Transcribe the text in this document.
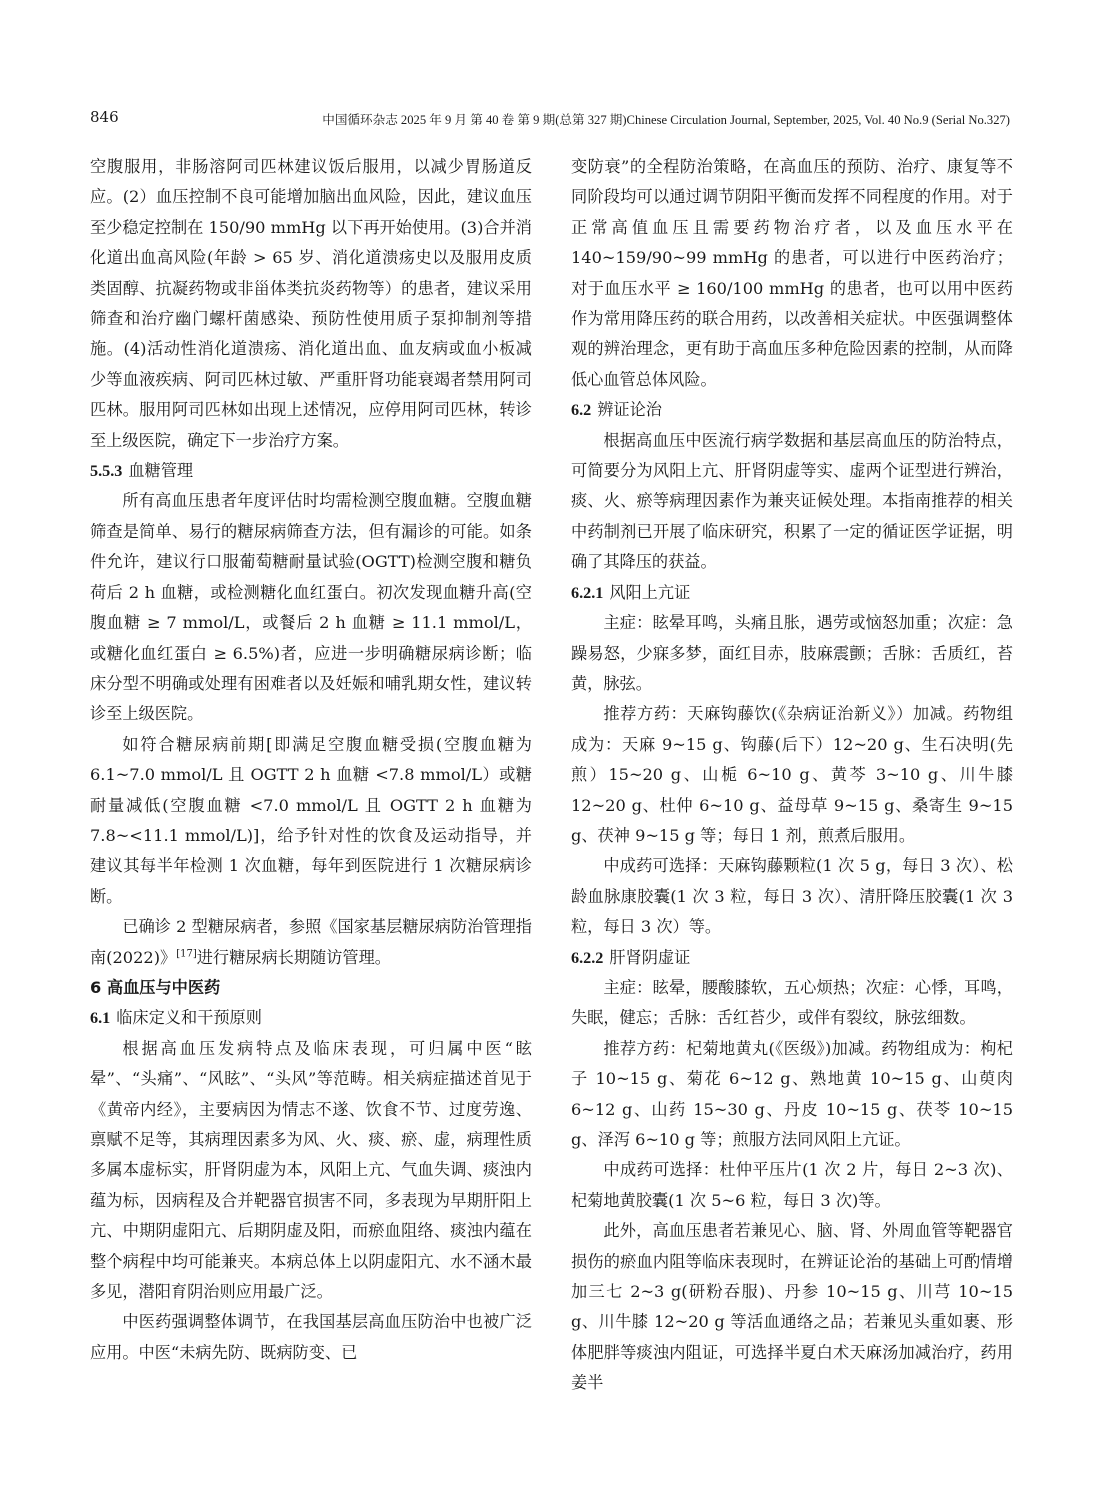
846	中国循环杂志 2025 年 9 月 第 40 卷 第 9 期(总第 327 期)Chinese Circulation Journal, September, 2025, Vol. 40 No.9 (Serial No.327)

空腹服用，非肠溶阿司匹林建议饭后服用，以减少胃肠道反应。(2）血压控制不良可能增加脑出血风险，因此，建议血压至少稳定控制在 150/90 mmHg 以下再开始使用。(3)合并消化道出血高风险(年龄 > 65 岁、消化道溃疡史以及服用皮质类固醇、抗凝药物或非甾体类抗炎药物等）的患者，建议采用筛查和治疗幽门螺杆菌感染、预防性使用质子泵抑制剂等措施。(4)活动性消化道溃疡、消化道出血、血友病或血小板减少等血液疾病、阿司匹林过敏、严重肝肾功能衰竭者禁用阿司匹林。服用阿司匹林如出现上述情况，应停用阿司匹林，转诊至上级医院，确定下一步治疗方案。

5.5.3 血糖管理

所有高血压患者年度评估时均需检测空腹血糖。空腹血糖筛查是简单、易行的糖尿病筛查方法，但有漏诊的可能。如条件允许，建议行口服葡萄糖耐量试验(OGTT)检测空腹和糖负荷后 2 h 血糖，或检测糖化血红蛋白。初次发现血糖升高(空腹血糖 ≥ 7 mmol/L，或餐后 2 h 血糖 ≥ 11.1 mmol/L，或糖化血红蛋白 ≥ 6.5%)者，应进一步明确糖尿病诊断；临床分型不明确或处理有困难者以及妊娠和哺乳期女性，建议转诊至上级医院。

如符合糖尿病前期[即满足空腹血糖受损(空腹血糖为 6.1~7.0 mmol/L 且 OGTT 2 h 血糖 <7.8 mmol/L）或糖耐量减低(空腹血糖 <7.0 mmol/L 且 OGTT 2 h 血糖为 7.8~<11.1 mmol/L)]，给予针对性的饮食及运动指导，并建议其每半年检测 1 次血糖，每年到医院进行 1 次糖尿病诊断。

已确诊 2 型糖尿病者，参照《国家基层糖尿病防治管理指南(2022)》[17]进行糖尿病长期随访管理。

6 高血压与中医药
6.1 临床定义和干预原则

根据高血压发病特点及临床表现，可归属中医“眩晕”、“头痛”、“风眩”、“头风”等范畴。相关病症描述首见于《黄帝内经》，主要病因为情志不遂、饮食不节、过度劳逸、禀赋不足等，其病理因素多为风、火、痰、瘀、虚，病理性质多属本虚标实，肝肾阴虚为本，风阳上亢、气血失调、痰浊内蕴为标，因病程及合并靶器官损害不同，多表现为早期肝阳上亢、中期阴虚阳亢、后期阴虚及阳，而瘀血阻络、痰浊内蕴在整个病程中均可能兼夹。本病总体上以阴虚阳亢、水不涵木最多见，潜阳育阴治则应用最广泛。

中医药强调整体调节，在我国基层高血压防治中也被广泛应用。中医“未病先防、既病防变、已

变防衰”的全程防治策略，在高血压的预防、治疗、康复等不同阶段均可以通过调节阴阳平衡而发挥不同程度的作用。对于正常高值血压且需要药物治疗者，以及血压水平在 140~159/90~99 mmHg 的患者，可以进行中医药治疗；对于血压水平 ≥ 160/100 mmHg 的患者，也可以用中医药作为常用降压药的联合用药，以改善相关症状。中医强调整体观的辨治理念，更有助于高血压多种危险因素的控制，从而降低心血管总体风险。

6.2 辨证论治

根据高血压中医流行病学数据和基层高血压的防治特点，可简要分为风阳上亢、肝肾阴虚等实、虚两个证型进行辨治，痰、火、瘀等病理因素作为兼夹证候处理。本指南推荐的相关中药制剂已开展了临床研究，积累了一定的循证医学证据，明确了其降压的获益。

6.2.1 风阳上亢证

主症：眩晕耳鸣，头痛且胀，遇劳或恼怒加重；次症：急躁易怒，少寐多梦，面红目赤，肢麻震颤；舌脉：舌质红，苔黄，脉弦。

推荐方药：天麻钩藤饮(《杂病证治新义》）加减。药物组成为：天麻 9~15 g、钩藤(后下）12~20 g、生石决明(先煎）15~20 g、山栀 6~10 g、黄芩 3~10 g、川牛膝 12~20 g、杜仲 6~10 g、益母草 9~15 g、桑寄生 9~15 g、茯神 9~15 g 等；每日 1 剂，煎煮后服用。

中成药可选择：天麻钩藤颗粒(1 次 5 g，每日 3 次）、松龄血脉康胶囊(1 次 3 粒，每日 3 次）、清肝降压胶囊(1 次 3 粒，每日 3 次）等。

6.2.2 肝肾阴虚证

主症：眩晕，腰酸膝软，五心烦热；次症：心悸，耳鸣，失眠，健忘；舌脉：舌红苔少，或伴有裂纹，脉弦细数。

推荐方药：杞菊地黄丸(《医级》)加减。药物组成为：枸杞子 10~15 g、菊花 6~12 g、熟地黄 10~15 g、山萸肉 6~12 g、山药 15~30 g、丹皮 10~15 g、茯苓 10~15 g、泽泻 6~10 g 等；煎服方法同风阳上亢证。

中成药可选择：杜仲平压片(1 次 2 片，每日 2~3 次)、杞菊地黄胶囊(1 次 5~6 粒，每日 3 次)等。

此外，高血压患者若兼见心、脑、肾、外周血管等靶器官损伤的瘀血内阻等临床表现时，在辨证论治的基础上可酌情增加三七 2~3 g(研粉吞服)、丹参 10~15 g、川芎 10~15 g、川牛膝 12~20 g 等活血通络之品；若兼见头重如裹、形体肥胖等痰浊内阻证，可选择半夏白术天麻汤加减治疗，药用姜半
